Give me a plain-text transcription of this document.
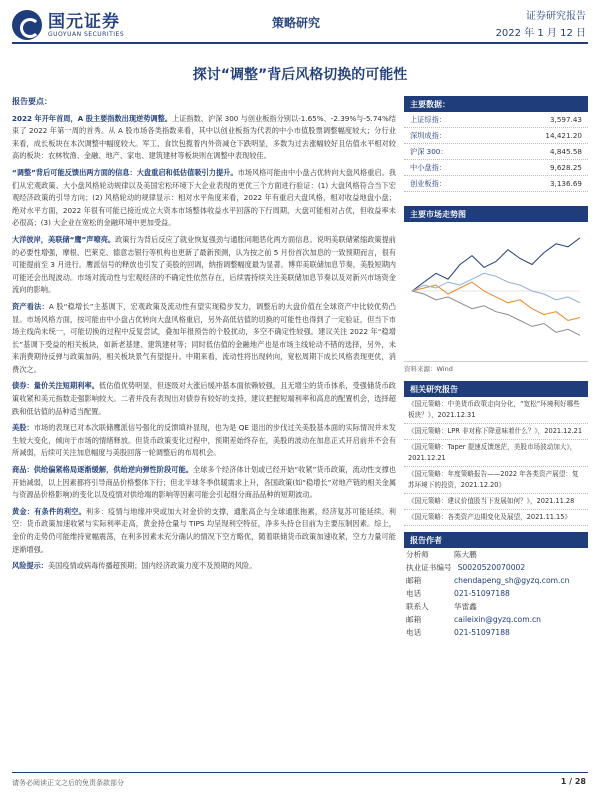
国元证券
GUOYUAN SECURITIES
策略研究	证券研究报告
2022 年 1 月 12 日
探讨“调整”背后风格切换的可能性
报告要点：

2022 年开年首周，A 股主要指数出现逆势调整。上证指数、沪深 300 与创业板指分别以-1.65%、-2.39%与-5.74%结束了 2022 年第一周的首秀。从 A 股市场各类指数来看，其中以创业板指为代表的中小市值股票调整幅度较大；分行业来看，成长板块在本次调整中幅度较大。军工、食饮包揽着内外资减仓下跌明显，多数为过去涨幅较好且估值水平相对较高的板块：农林牧渔、金融、地产、家电、建筑建材等板块则在调整中表现较佳。

“调整”背后可能反馈出两方面的信息：大盘重启和低估值吸引力提升。市场风格可能由中小盘占优转向大盘风格重启。我们从宏观政策、大小盘风格轮动规律以及美国宏松环境下大企业表现的更优三个方面进行验证：(1) 大盘风格符合当下宏观经济政策的引导方向；(2) 风格轮动的规律显示：相对水平角度来看，2022 年有重启大盘风格，相对收益地盘小盘；绝对水平方面，2022 年很有可能已接近成立大资本市场整体收益水平回落的下行周期，大盘可能相对占优，但收益率未必很高；(3) 大企业在宽松的金融环境中更加受益。

大洋彼岸，美联储“鹰”声嘹亮。政策行为背后反应了就业恢复强劲与通胀问题恶化两方面信息。说明美联储紧缩政策提前的必要性增强，摩根、巴莱克、德意志银行等机构也更新了最新预测，认为按之前 5 月份首次加息的一致预期而言，很有可能提前至 3 月进行。鹰派信号的释放也引发了美股的回调，纳指调整幅度最为显著。博弈美联储加息节奏，美股短期内可能还会出现波动。市场对流动性与宏观经济的不确定性依然存在，后续需持续关注美联储加息节奏以及对新兴市场资金流向的影响。

资产看法：A 股“稳增长”主基调下，宏观政策及流动性有望实现稳步发力，调整后的大盘价值在全球资产中比较优势凸显。市场风格方面，按可能由中小盘占优转向大盘风格重启，另外高低估值的切换的可能性也得到了一定验证，但当下市场主线尚未统一，可能切换的过程中反复尝试，叠加年报预告的个股扰动，多空不确定性较强。建议关注 2022 年“稳增长”基调下受益的相关板块，如新老基建、建筑建材等；同时低估值的金融地产也是市场主线轮动不错的选择，另外，未来消费期待反弹与政策加码，相关板块景气有望提升。中期来看，流动性将出现转向，宽松周期下成长风格表现更优，消费次之。

债券：量价关注短期利率。低估值优势明显，但逐级对大涨后缓冲基本面依赖较强，且无增尘的货币体系，受强储货币政策收紧和美元指数走强影响较大。二者并没有表现出对债券有较好的支持，建议把握短端利率和高息的配置机会，选择超跌和低估值的品种适当配置。

美股：市场的表现已对本次联储鹰派信号强化的反馈填补显现，也为是 QE 退出的步伐过关美股基本面的实际情况并未发生较大变化，倾向于市场的情绪释放。但货币政策变化过程中，预期差始终存在，美股的波动在加息正式开启前并不会有所减弱，后续可关注加息幅度与美股回落一轮调整后的布局机会。

商品：供给偏紧格局逐渐缓解，供给逆向弹性阶段可能。全球多个经济体计划或已经开始“收紧”货币政策，流动性支撑也开始减弱，以上因素都将引导商品价格整体下行；但北半球冬季供暖需求上升，各国政策(如“稳增长”对地产链的相关金属与资源品价格影响)的变化以及疫情对供给端的影响等因素可能会引起细分商品品种的短期波动。

黄金：有条件的利空。利多：疫情与地缘冲突或加大对金价的支撑，通胀高企与全球通胀拖累，经济复苏可能延续。利空：货币政策加速收紧与实际利率走高，黄金持仓量与 TIPS 均呈现利空特征，净多头持仓目前为主要压制因素。综上，金价的走势仍可能维持宽幅震荡，在利多因素未充分确认的情况下空方略优，随着联储货币政策加速收紧，空方力量可能逐渐增强。

风险提示：美国疫情或病毒传播超预期；国内经济政策力度不及预期的风险。

主要数据：
上证综指：	3,597.43
深圳成指：	14,421.20
沪深 300：	4,845.58
中小盘指：	9,628.25
创业板指：	3,136.69
主要市场走势图
资料来源：Wind
相关研究报告
《国元策略：中美货币政策走向分化，“宽松”环境利好哪些板块？》，2021.12.31
《国元策略：LPR 非对称下降意味着什么？》，2021.12.21
《国元策略：Taper 提速反馈迷茫，美股市场波动加大》，2021.12.21
《国元策略：年度策略报告——2022 年各类资产展望：复苏环境下的投资，2021.12.20》
《国元策略：建议价值股当下发展如何？》，2021.11.28
《国元策略：各类资产边期变化及展望，2021.11.15》
报告作者
分析师	陈大鹏
执业证书编号 S0020520070002
邮箱	chendapeng_sh@gyzq.com.cn
电话	021-51097188
联系人	华雷鑫
邮箱	caileixin@gyzq.com.cn
电话	021-51097188
请务必阅读正文之后的免责条款部分	1 / 28
